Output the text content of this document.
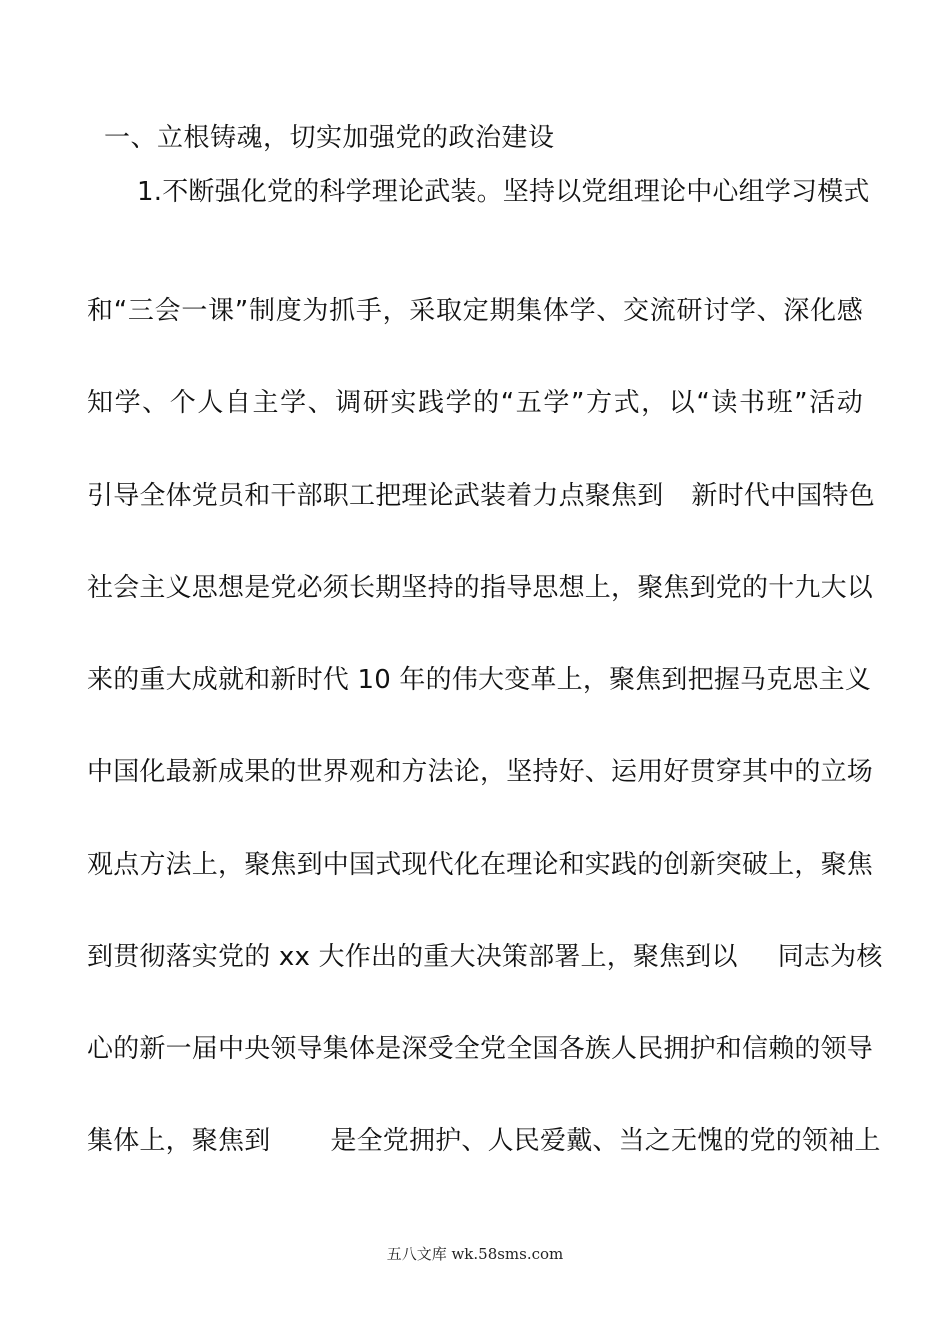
一、立根铸魂，切实加强党的政治建设
1.不断强化党的科学理论武装。坚持以党组理论中心组学习模式
和“三会一课”制度为抓手，采取定期集体学、交流研讨学、深化感
知学、个人自主学、调研实践学的“五学”方式，以“读书班”活动
引导全体党员和干部职工把理论武装着力点聚焦到 新时代中国特色
社会主义思想是党必须长期坚持的指导思想上，聚焦到党的十九大以
来的重大成就和新时代 10 年的伟大变革上，聚焦到把握马克思主义
中国化最新成果的世界观和方法论，坚持好、运用好贯穿其中的立场
观点方法上，聚焦到中国式现代化在理论和实践的创新突破上，聚焦
到贯彻落实党的 xx 大作出的重大决策部署上，聚焦到以 同志为核
心的新一届中央领导集体是深受全党全国各族人民拥护和信赖的领导
集体上，聚焦到 是全党拥护、人民爱戴、当之无愧的党的领袖上
五八文库 wk.58sms.com
